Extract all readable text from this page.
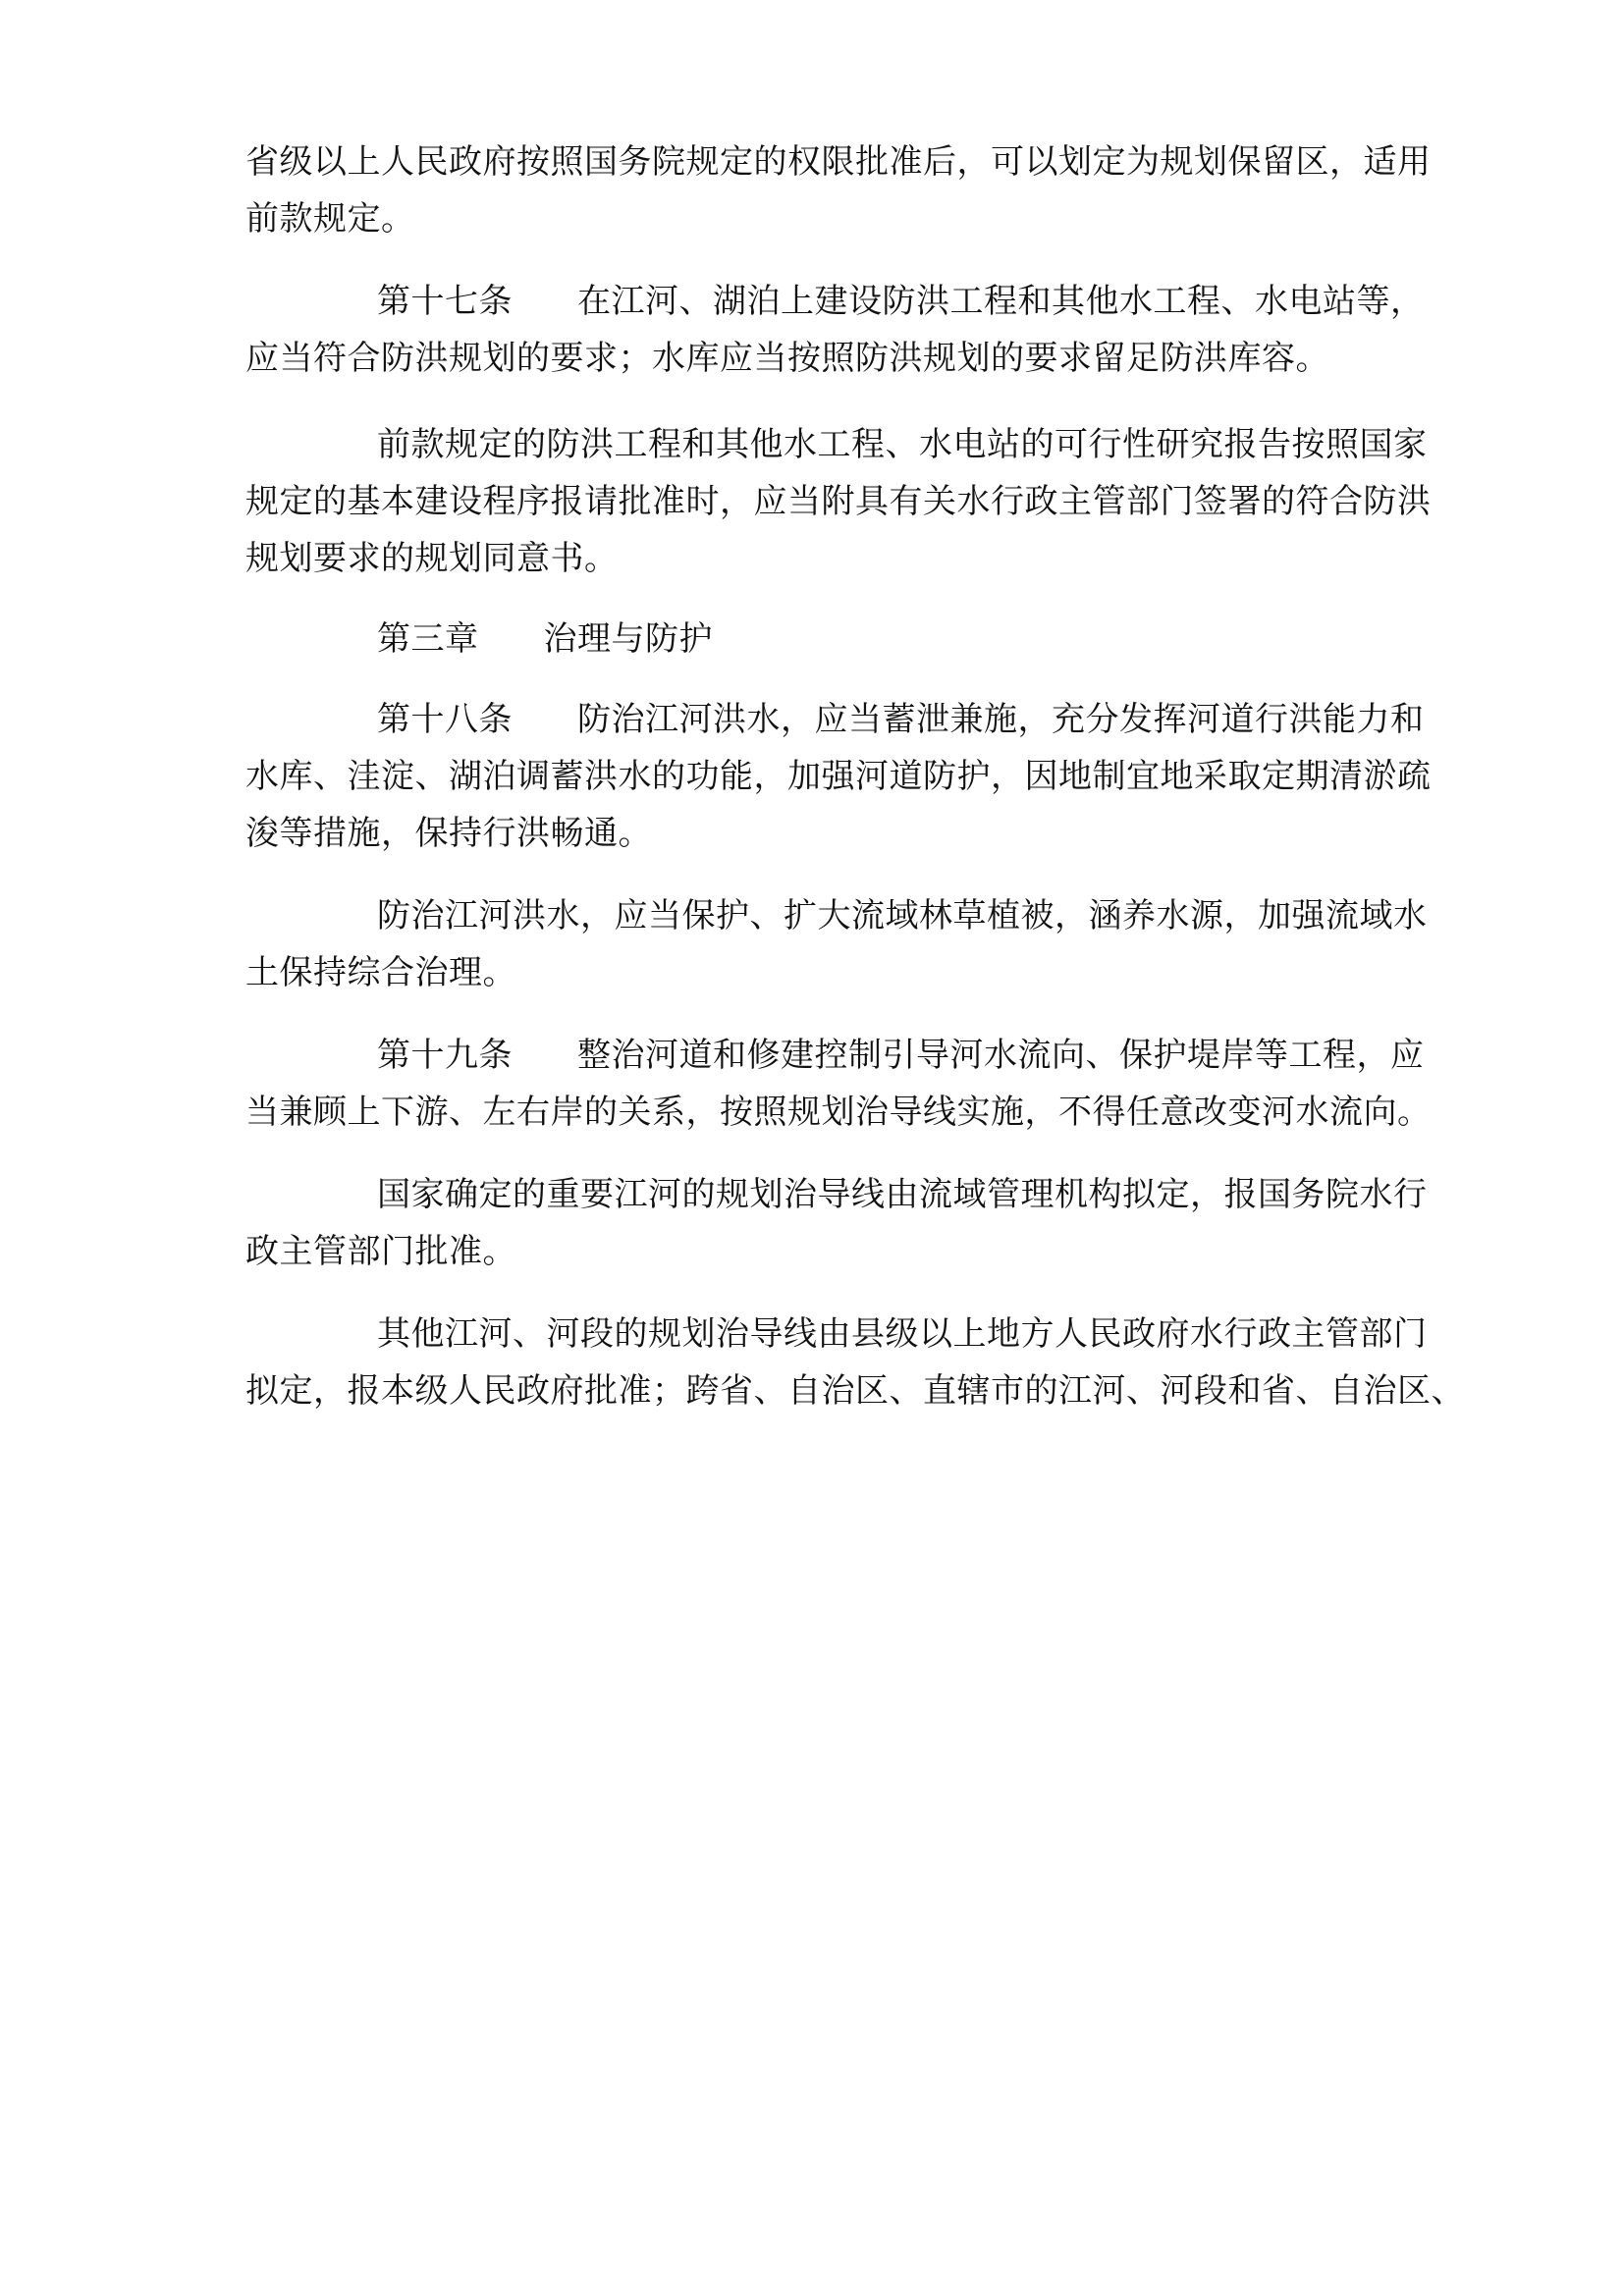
省级以上人民政府按照国务院规定的权限批准后，可以划定为规划保留区，适用
前款规定。
第十七条 在江河、湖泊上建设防洪工程和其他水工程、水电站等，
应当符合防洪规划的要求；水库应当按照防洪规划的要求留足防洪库容。
前款规定的防洪工程和其他水工程、水电站的可行性研究报告按照国家
规定的基本建设程序报请批准时，应当附具有关水行政主管部门签署的符合防洪
规划要求的规划同意书。
第三章 治理与防护
第十八条 防治江河洪水，应当蓄泄兼施，充分发挥河道行洪能力和
水库、洼淀、湖泊调蓄洪水的功能，加强河道防护，因地制宜地采取定期清淤疏
浚等措施，保持行洪畅通。
防治江河洪水，应当保护、扩大流域林草植被，涵养水源，加强流域水
土保持综合治理。
第十九条 整治河道和修建控制引导河水流向、保护堤岸等工程，应
当兼顾上下游、左右岸的关系，按照规划治导线实施，不得任意改变河水流向。
国家确定的重要江河的规划治导线由流域管理机构拟定，报国务院水行
政主管部门批准。
其他江河、河段的规划治导线由县级以上地方人民政府水行政主管部门
拟定，报本级人民政府批准；跨省、自治区、直辖市的江河、河段和省、自治区、
